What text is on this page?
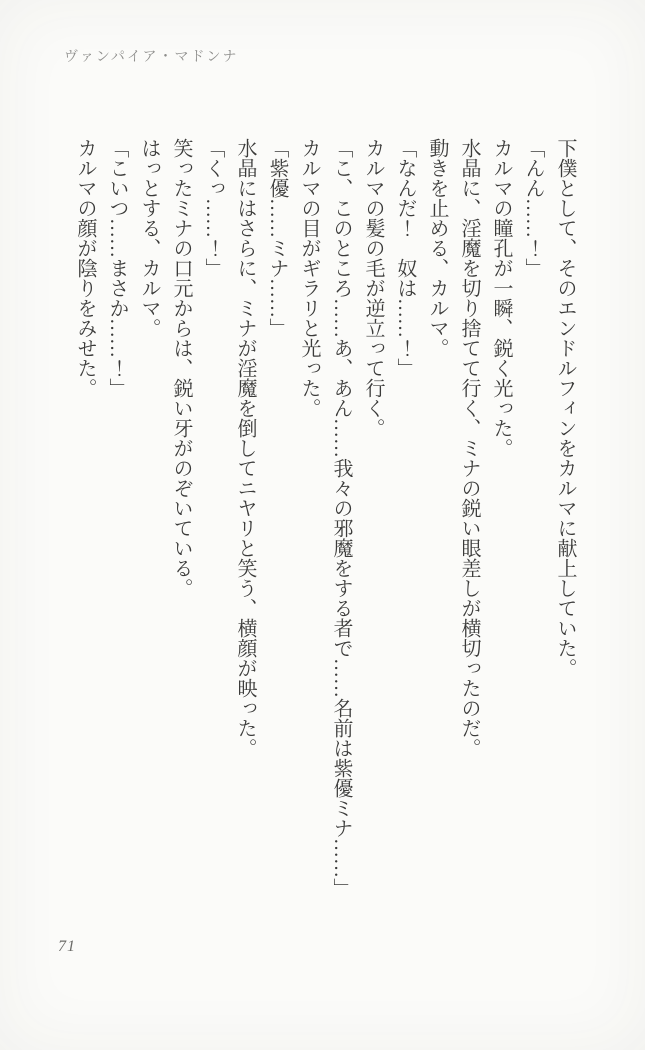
ヴァンパイア・マドンナ

下僕として、そのエンドルフィンをカルマに献上していた。

「んん……！」

カルマの瞳孔が一瞬、鋭く光った。

水晶に、淫魔を切り捨てて行く、ミナの鋭い眼差しが横切ったのだ。

動きを止める、カルマ。

「なんだ！　奴は……！」

カルマの髪の毛が逆立って行く。

「こ、このところ……あ、あん……我々の邪魔をする者で……名前は紫優ミナ……」

カルマの目がギラリと光った。

「紫優……ミナ……」

水晶にはさらに、ミナが淫魔を倒してニヤリと笑う、横顔が映った。

「くっ……！」

笑ったミナの口元からは、鋭い牙がのぞいている。

はっとする、カルマ。

「こいつ……まさか……！」

カルマの顔が陰りをみせた。

71
